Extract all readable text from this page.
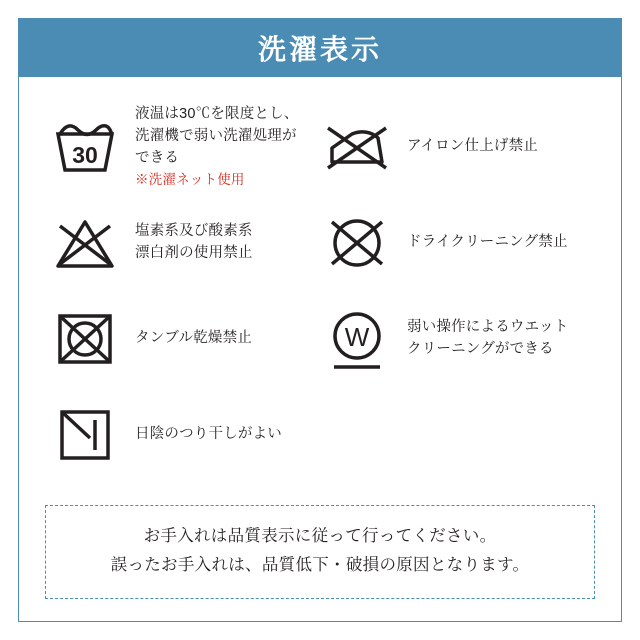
洗濯表示
30
液温は30℃を限度とし、
洗濯機で弱い洗濯処理が
できる
※洗濯ネット使用
アイロン仕上げ禁止
塩素系及び酸素系
漂白剤の使用禁止
ドライクリーニング禁止
タンブル乾燥禁止	W	弱い操作によるウエット
クリーニングができる
日陰のつり干しがよい
お手入れは品質表示に従って行ってください。
誤ったお手入れは、品質低下・破損の原因となります。
